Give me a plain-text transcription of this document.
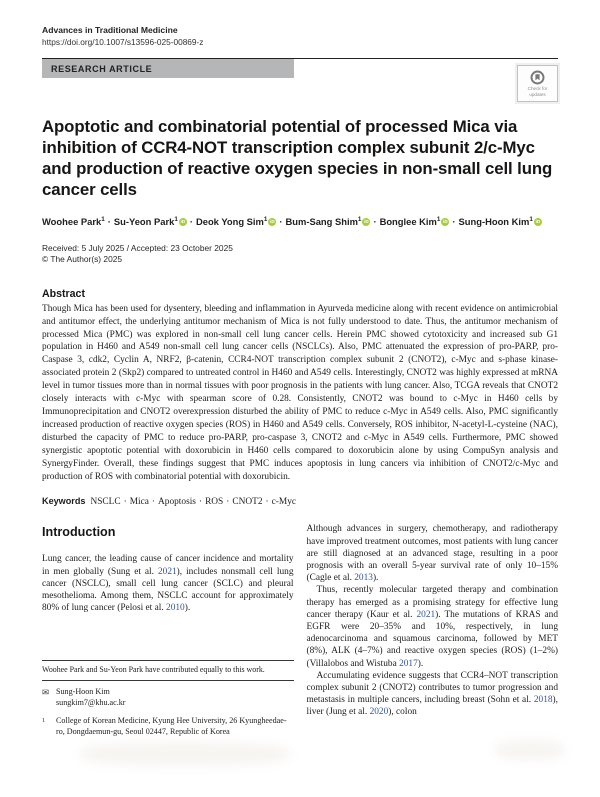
Advances in Traditional Medicine
https://doi.org/10.1007/s13596-025-00869-z
RESEARCH ARTICLE
Check for
updates
Apoptotic and combinatorial potential of processed Mica via inhibition of CCR4-NOT transcription complex subunit 2/c-Myc and production of reactive oxygen species in non-small cell lung cancer cells
Woohee Park$^1$ · Su-Yeon Park$^1$ iD · Deok Yong Sim$^1$ iD · Bum-Sang Shim$^1$ iD · Bonglee Kim$^1$ iD · Sung-Hoon Kim$^1$ iD
Received: 5 July 2025 / Accepted: 23 October 2025
© The Author(s) 2025
Abstract
Though Mica has been used for dysentery, bleeding and inflammation in Ayurveda medicine along with recent evidence on antimicrobial and antitumor effect, the underlying antitumor mechanism of Mica is not fully understood to date. Thus, the antitumor mechanism of processed Mica (PMC) was explored in non-small cell lung cancer cells. Herein PMC showed cytotoxicity and increased sub G1 population in H460 and A549 non-small cell lung cancer cells (NSCLCs). Also, PMC attenuated the expression of pro-PARP, pro-Caspase 3, cdk2, Cyclin A, NRF2, β-catenin, CCR4-NOT transcription complex subunit 2 (CNOT2), c-Myc and s-phase kinase-associated protein 2 (Skp2) compared to untreated control in H460 and A549 cells. Interestingly, CNOT2 was highly expressed at mRNA level in tumor tissues more than in normal tissues with poor prognosis in the patients with lung cancer. Also, TCGA reveals that CNOT2 closely interacts with c-Myc with spearman score of 0.28. Consistently, CNOT2 was bound to c-Myc in H460 cells by Immunoprecipitation and CNOT2 overexpression disturbed the ability of PMC to reduce c-Myc in A549 cells. Also, PMC significantly increased production of reactive oxygen species (ROS) in H460 and A549 cells. Conversely, ROS inhibitor, N-acetyl-L-cysteine (NAC), disturbed the capacity of PMC to reduce pro-PARP, pro-caspase 3, CNOT2 and c-Myc in A549 cells. Furthermore, PMC showed synergistic apoptotic potential with doxorubicin in H460 cells compared to doxorubicin alone by using CompuSyn analysis and SynergyFinder. Overall, these findings suggest that PMC induces apoptosis in lung cancers via inhibition of CNOT2/c-Myc and production of ROS with combinatorial potential with doxorubicin.
Keywords NSCLC · Mica · Apoptosis · ROS · CNOT2 · c-Myc
Introduction

Lung cancer, the leading cause of cancer incidence and mortality in men globally (Sung et al. 2021), includes nonsmall cell lung cancer (NSCLC), small cell lung cancer (SCLC) and pleural mesothelioma. Among them, NSCLC account for approximately 80% of lung cancer (Pelosi et al. 2010).

Woohee Park and Su-Yeon Park have contributed equally to this work.
✉ Sung-Hoon Kim
sungkim7@khu.ac.kr
1	College of Korean Medicine, Kyung Hee University, 26 Kyungheedae-ro, Dongdaemun-gu, Seoul 02447, Republic of Korea

Although advances in surgery, chemotherapy, and radiotherapy have improved treatment outcomes, most patients with lung cancer are still diagnosed at an advanced stage, resulting in a poor prognosis with an overall 5-year survival rate of only 10–15% (Cagle et al. 2013).

Thus, recently molecular targeted therapy and combination therapy has emerged as a promising strategy for effective lung cancer therapy (Kaur et al. 2021). The mutations of KRAS and EGFR were 20–35% and 10%, respectively, in lung adenocarcinoma and squamous carcinoma, followed by MET (8%), ALK (4–7%) and reactive oxygen species (ROS) (1–2%) (Villalobos and Wistuba 2017).

Accumulating evidence suggests that CCR4–NOT transcription complex subunit 2 (CNOT2) contributes to tumor progression and metastasis in multiple cancers, including breast (Sohn et al. 2018), liver (Jung et al. 2020), colon
